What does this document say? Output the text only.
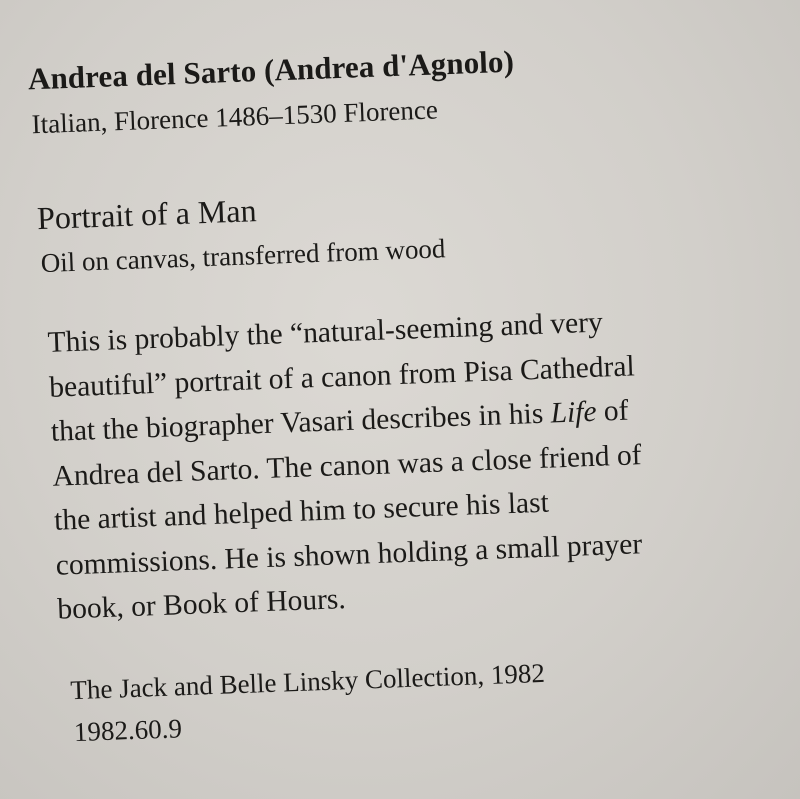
Andrea del Sarto (Andrea d'Agnolo)

Italian, Florence 1486–1530 Florence

Portrait of a Man

Oil on canvas, transferred from wood

This is probably the “natural-seeming and very
beautiful” portrait of a canon from Pisa Cathedral
that the biographer Vasari describes in his Life of
Andrea del Sarto. The canon was a close friend of
the artist and helped him to secure his last
commissions. He is shown holding a small prayer
book, or Book of Hours.

The Jack and Belle Linsky Collection, 1982

1982.60.9
